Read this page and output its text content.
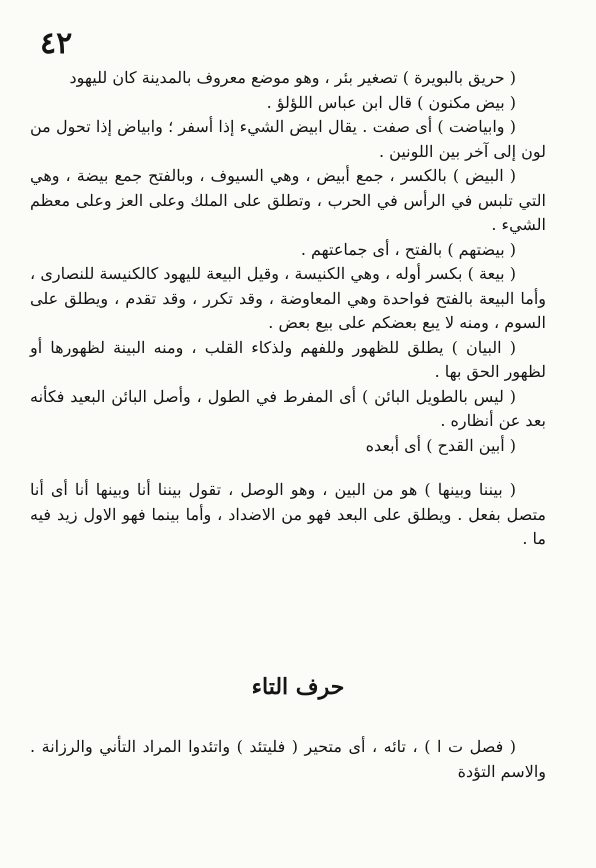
٤٢

( حريق بالبويرة ) تصغير بئر ، وهو موضع معروف بالمدينة كان لليهود

( بيض مكنون ) قال ابن عباس اللؤلؤ .

( وابياضت ) أى صفت . يقال ابيض الشيء إذا أسفر ؛ وابياض إذا تحول من لون إلى آخر بين اللونين .

( البيض ) بالكسر ، جمع أبيض ، وهي السيوف ، وبالفتح جمع بيضة ، وهي التي تلبس في الرأس في الحرب ، وتطلق على الملك وعلى العز وعلى معظم الشيء .

( بيضتهم ) بالفتح ، أى جماعتهم .

( بيعة ) بكسر أوله ، وهي الكنيسة ، وقيل البيعة لليهود كالكنيسة للنصارى ، وأما البيعة بالفتح فواحدة وهي المعاوضة ، وقد تكرر ، وقد تقدم ، ويطلق على السوم ، ومنه لا يبع بعضكم على بيع بعض .

( البيان ) يطلق للظهور وللفهم ولذكاء القلب ، ومنه البينة لظهورها أو لظهور الحق بها .

( ليس بالطويل البائن ) أى المفرط في الطول ، وأصل البائن البعيد فكأنه بعد عن أنظاره .

( أبين القدح ) أى أبعده

( بيننا وبينها ) هو من البين ، وهو الوصل ، تقول بيننا أنا وبينها أنا أى أنا متصل بفعل . ويطلق على البعد فهو من الاضداد ، وأما بينما فهو الاول زيد فيه ما .

حرف التاء

( فصل ت ا ) ، تائه ، أى متحير ( فليتئد ) واتئدوا المراد التأني والرزانة . والاسم التؤدة
